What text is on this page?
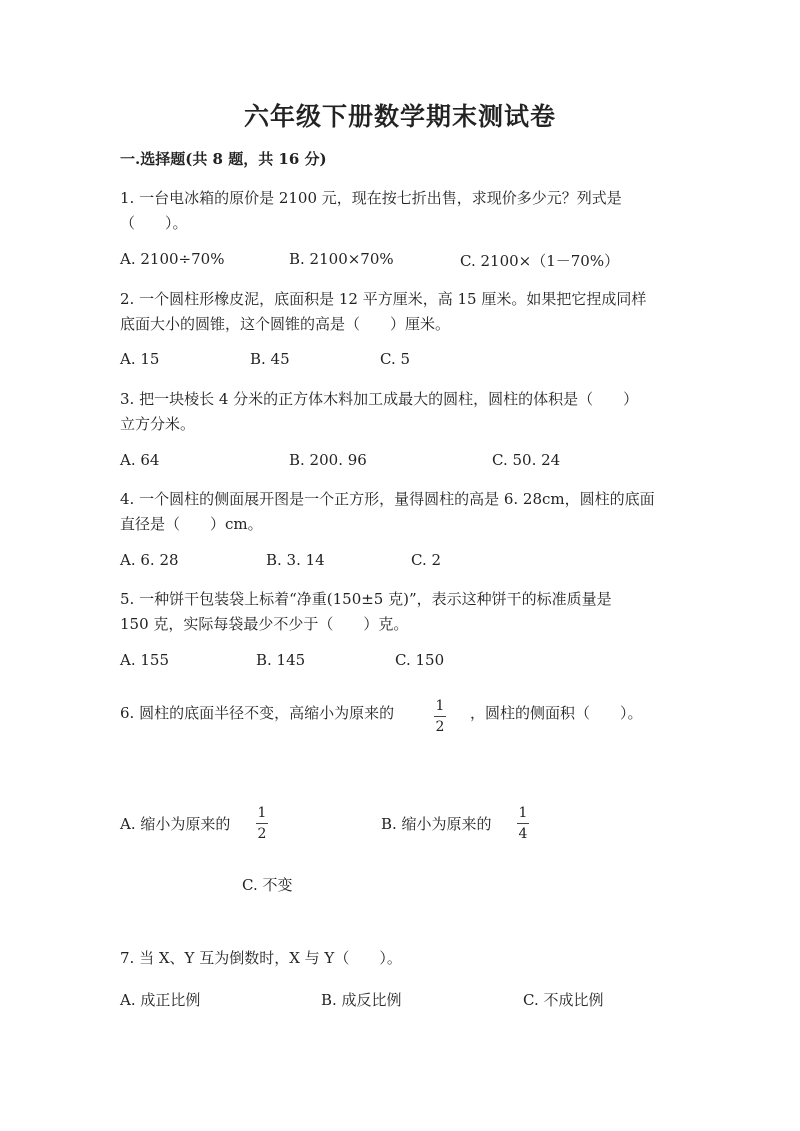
六年级下册数学期末测试卷
一.选择题(共 8 题，共 16 分)
1. 一台电冰箱的原价是 2100 元，现在按七折出售，求现价多少元？列式是
（　　）。
A. 2100÷70%	B. 2100×70%	C. 2100×（1－70%）
2. 一个圆柱形橡皮泥，底面积是 12 平方厘米，高 15 厘米。如果把它捏成同样
底面大小的圆锥，这个圆锥的高是（　　）厘米。
A. 15	B. 45	C. 5
3. 把一块棱长 4 分米的正方体木料加工成最大的圆柱，圆柱的体积是（　　）
立方分米。
A. 64	B. 200. 96	C. 50. 24
4. 一个圆柱的侧面展开图是一个正方形，量得圆柱的高是 6. 28cm，圆柱的底面
直径是（　　）cm。
A. 6. 28	B. 3. 14	C. 2
5. 一种饼干包装袋上标着“净重(150±5 克)”，表示这种饼干的标准质量是
150 克，实际每袋最少不少于（　　）克。
A. 155	B. 145	C. 150
6. 圆柱的底面半径不变，高缩小为原来的	1
2
，圆柱的侧面积（　　）。
A. 缩小为原来的
1
2
B. 缩小为原来的
1
4
C. 不变
7. 当 X、Y 互为倒数时，X 与 Y（　　）。
A. 成正比例	B. 成反比例	C. 不成比例
